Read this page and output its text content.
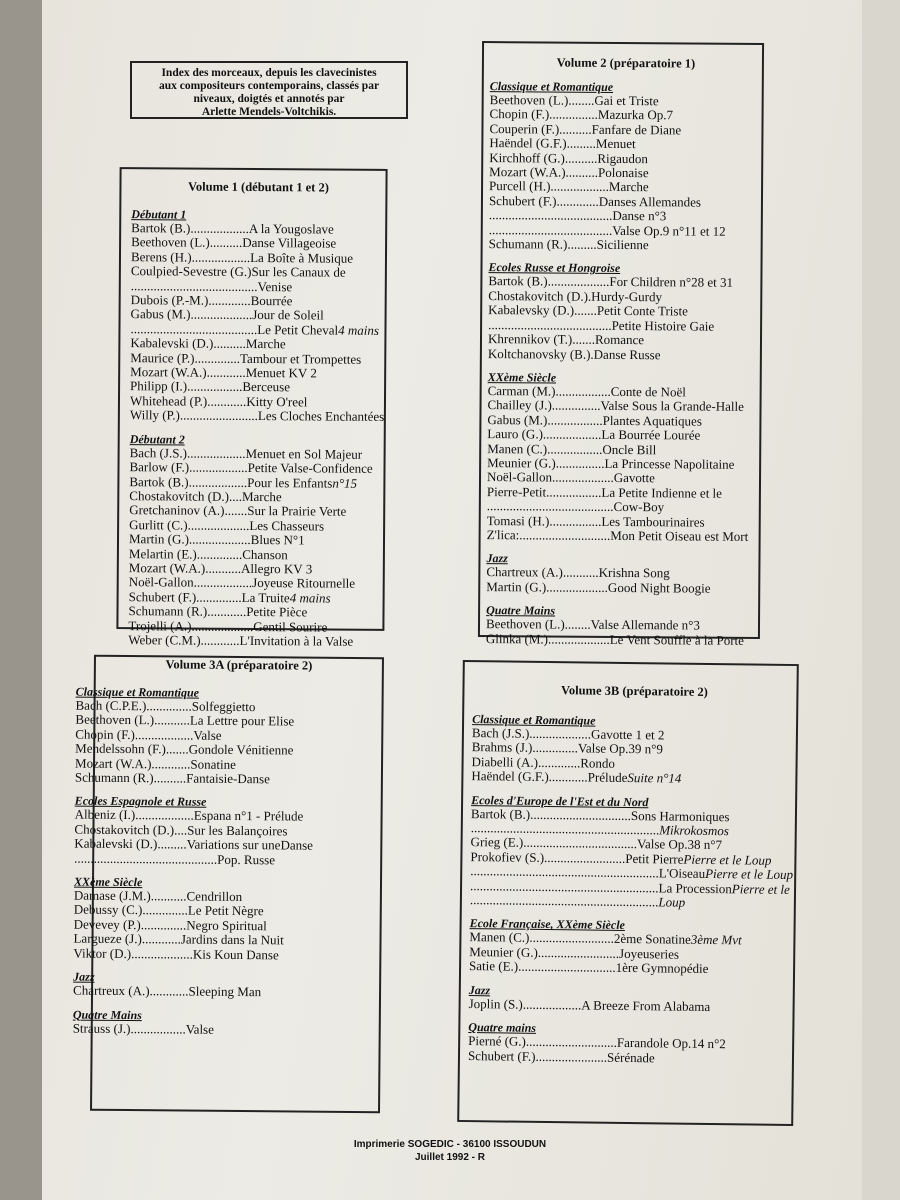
Index des morceaux, depuis les clavecinistes
aux compositeurs contemporains, classés par
niveaux, doigtés et annotés par
Arlette Mendels-Voltchikis.
Volume 1 (débutant 1 et 2)
Débutant 1
Bartok (B.) .................. A la Yougoslave
Beethoven (L.) .......... Danse Villageoise
Berens (H.) .................. La Boîte à Musique
Coulpied-Sevestre (G.) Sur les Canaux de
....................................... Venise
Dubois (P.-M.) ............. Bourrée
Gabus (M.) ................... Jour de Soleil
....................................... Le Petit Cheval 4 mains
Kabalevski (D.) .......... Marche
Maurice (P.) .............. Tambour et Trompettes
Mozart (W.A.) ............ Menuet KV 2
Philipp (I.) ................. Berceuse
Whitehead (P.) ............ Kitty O'reel
Willy (P.) ........................ Les Cloches Enchantées
Débutant 2
Bach (J.S.) .................. Menuet en Sol Majeur
Barlow (F.) .................. Petite Valse-Confidence
Bartok (B.) .................. Pour les Enfants n°15
Chostakovitch (D.) .... Marche
Gretchaninov (A.) ....... Sur la Prairie Verte
Gurlitt (C.) ................... Les Chasseurs
Martin (G.) ................... Blues N°1
Melartin (E.) .............. Chanson
Mozart (W.A.) ........... Allegro KV 3
Noël-Gallon .................. Joyeuse Ritournelle
Schubert (F.) .............. La Truite 4 mains
Schumann (R.) ............ Petite Pièce
Trojelli (A.) ................... Gentil Sourire
Weber (C.M.) ............ L'Invitation à la Valse
Volume 2 (préparatoire 1)
Classique et Romantique
Beethoven (L.) ........ Gai et Triste
Chopin (F.) ............... Mazurka Op.7
Couperin (F.) .......... Fanfare de Diane
Haëndel (G.F.) ......... Menuet
Kirchhoff (G.) .......... Rigaudon
Mozart (W.A.) .......... Polonaise
Purcell (H.) .................. Marche
Schubert (F.) ............. Danses Allemandes
...................................... Danse n°3
...................................... Valse Op.9 n°11 et 12
Schumann (R.) ......... Sicilienne
Ecoles Russe et Hongroise
Bartok (B.) ................... For Children n°28 et 31
Chostakovitch (D.) . Hurdy-Gurdy
Kabalevsky (D.) ....... Petit Conte Triste
...................................... Petite Histoire Gaie
Khrennikov (T.) ....... Romance
Koltchanovsky (B.) . Danse Russe
XXème Siècle
Carman (M.) ................. Conte de Noël
Chailley (J.) ............... Valse Sous la Grande-Halle
Gabus (M.) ................. Plantes Aquatiques
Lauro (G.) .................. La Bourrée Lourée
Manen (C.) ................. Oncle Bill
Meunier (G.) ............... La Princesse Napolitaine
Noël-Gallon ................... Gavotte
Pierre-Petit ................. La Petite Indienne et le
....................................... Cow-Boy
Tomasi (H.) ................ Les Tambourinaires
Z'lica: ............................ Mon Petit Oiseau est Mort
Jazz
Chartreux (A.) ........... Krishna Song
Martin (G.) ................... Good Night Boogie
Quatre Mains
Beethoven (L.) ........ Valse Allemande n°3
Glinka (M.) ................... Le Vent Souffle à la Porte
Volume 3A (préparatoire 2)
Classique et Romantique
Bach (C.P.E.) .............. Solfeggietto
Beethoven (L.) ........... La Lettre pour Elise
Chopin (F.) .................. Valse
Mendelssohn (F.) ....... Gondole Vénitienne
Mozart (W.A.) ............ Sonatine
Schumann (R.) .......... Fantaisie-Danse
Ecoles Espagnole et Russe
Albeniz (I.) .................. Espana n°1 - Prélude
Chostakovitch (D.) .... Sur les Balançoires
Kabalevski (D.) ......... Variations sur uneDanse
............................................ Pop. Russe
XXème Siècle
Damase (J.M.) ........... Cendrillon
Debussy (C.) .............. Le Petit Nègre
Devevey (P.) .............. Negro Spiritual
Largueze (J.) ............ Jardins dans la Nuit
Viktor (D.) ................... Kis Koun Danse
Jazz
Chartreux (A.) ............ Sleeping Man
Quatre Mains
Strauss (J.) ................. Valse
Volume 3B (préparatoire 2)
Classique et Romantique
Bach (J.S.) ................... Gavotte 1 et 2
Brahms (J.) .............. Valse Op.39 n°9
Diabelli (A.) ............. Rondo
Haëndel (G.F.) ............ Prélude Suite n°14
Ecoles d'Europe de l'Est et du Nord
Bartok (B.) ............................... Sons Harmoniques
.......................................................... Mikrokosmos
Grieg (E.) ................................... Valse Op.38 n°7
Prokofiev (S.) ......................... Petit Pierre Pierre et le Loup
.......................................................... L'Oiseau Pierre et le Loup
.......................................................... La Procession Pierre et le
.......................................................... Loup
Ecole Française, XXème Siècle
Manen (C.) .......................... 2ème Sonatine 3ème Mvt
Meunier (G.) ......................... Joyeuseries
Satie (E.) .............................. 1ère Gymnopédie
Jazz
Joplin (S.) .................. A Breeze From Alabama
Quatre mains
Pierné (G.) ............................ Farandole Op.14 n°2
Schubert (F.) ...................... Sérénade
Imprimerie SOGEDIC - 36100 ISSOUDUN
Juillet 1992 - R
